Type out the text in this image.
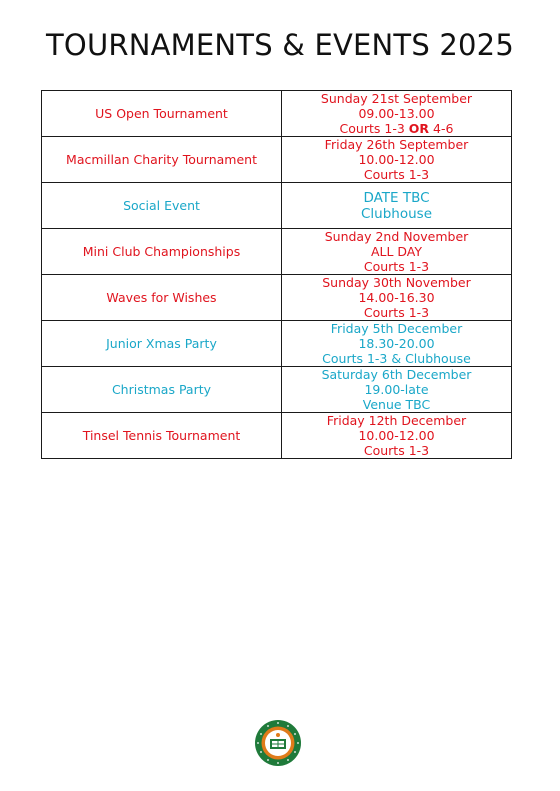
TOURNAMENTS & EVENTS 2025
US Open Tournament	Sunday 21st September
09.00-13.00
Courts 1-3 OR 4-6

Macmillan Charity Tournament	Friday 26th September
10.00-12.00
Courts 1-3

Social Event	DATE TBC
Clubhouse

Mini Club Championships	Sunday 2nd November
ALL DAY
Courts 1-3

Waves for Wishes	Sunday 30th November
14.00-16.30
Courts 1-3

Junior Xmas Party	Friday 5th December
18.30-20.00
Courts 1-3 & Clubhouse

Christmas Party	Saturday 6th December
19.00-late
Venue TBC

Tinsel Tennis Tournament	Friday 12th December
10.00-12.00
Courts 1-3
